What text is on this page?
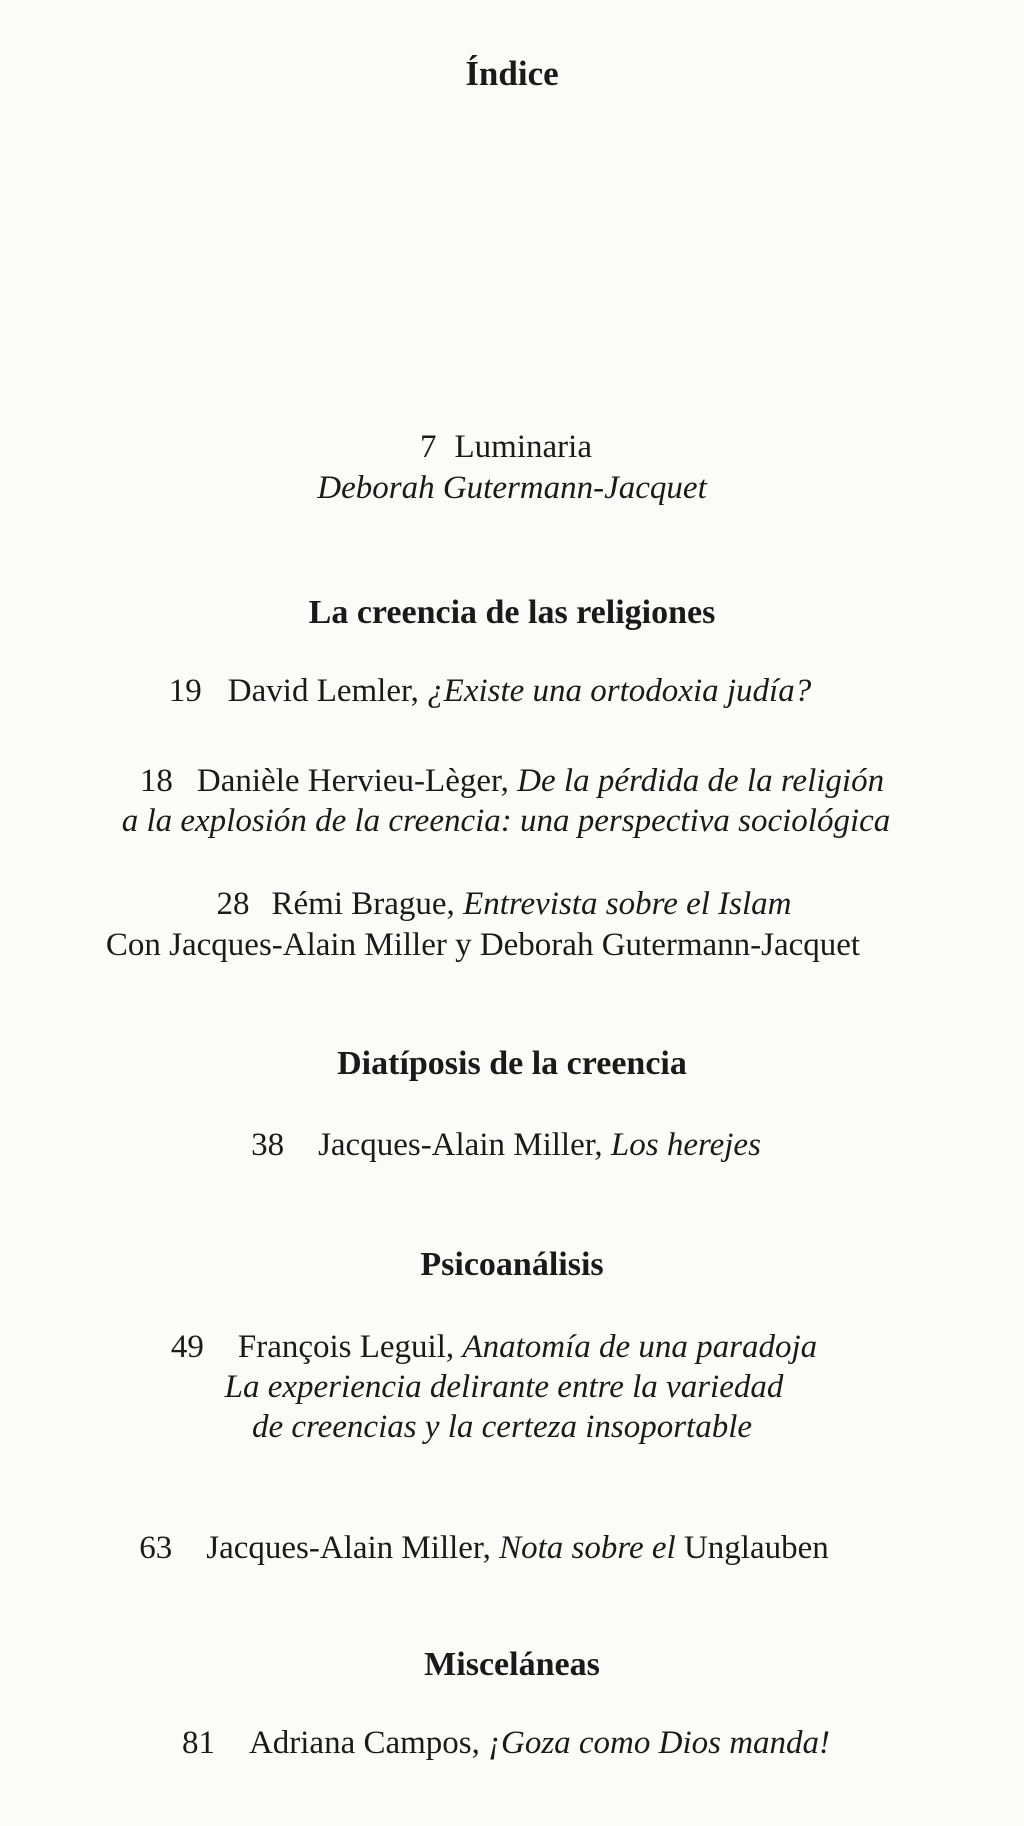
Índice
7 Luminaria
Deborah Gutermann-Jacquet
La creencia de las religiones
19 David Lemler, ¿Existe una ortodoxia judía?
18 Danièle Hervieu-Lèger, De la pérdida de la religión
a la explosión de la creencia: una perspectiva sociológica
28 Rémi Brague, Entrevista sobre el Islam
Con Jacques-Alain Miller y Deborah Gutermann-Jacquet
Diatíposis de la creencia
38 Jacques-Alain Miller, Los herejes
Psicoanálisis
49 François Leguil, Anatomía de una paradoja
La experiencia delirante entre la variedad
de creencias y la certeza insoportable
63 Jacques-Alain Miller, Nota sobre el Unglauben
Misceláneas
81 Adriana Campos, ¡Goza como Dios manda!
